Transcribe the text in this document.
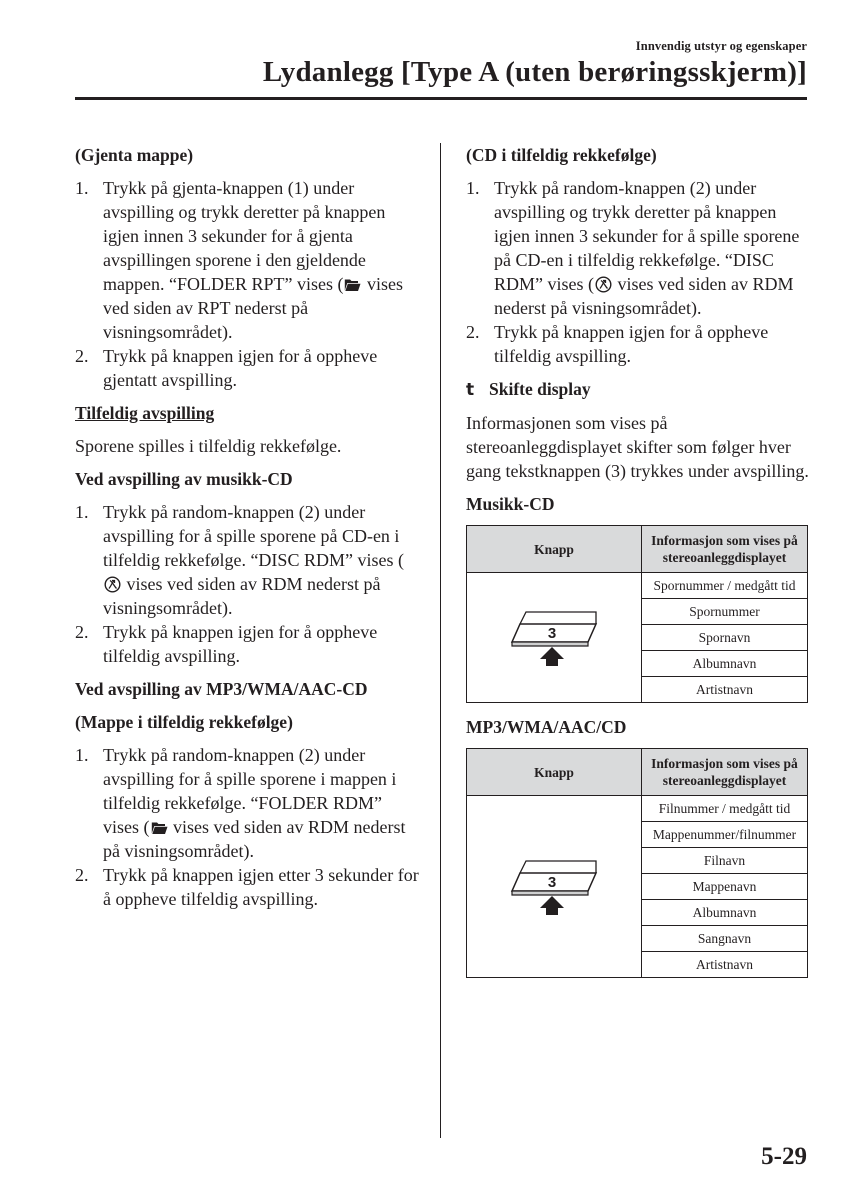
Innvendig utstyr og egenskaper
Lydanlegg [Type A (uten berøringsskjerm)]
(Gjenta mappe)
1. Trykk på gjenta-knappen (1) under avspilling og trykk deretter på knappen igjen innen 3 sekunder for å gjenta avspillingen sporene i den gjeldende mappen. “FOLDER RPT” vises ( vises ved siden av RPT nederst på visningsområdet).
2. Trykk på knappen igjen for å oppheve gjentatt avspilling.
Tilfeldig avspilling

Sporene spilles i tilfeldig rekkefølge.

Ved avspilling av musikk-CD
1. Trykk på random-knappen (2) under avspilling for å spille sporene på CD-en i tilfeldig rekkefølge. “DISC RDM” vises ( vises ved siden av RDM nederst på visningsområdet).
2. Trykk på knappen igjen for å oppheve tilfeldig avspilling.
Ved avspilling av MP3/WMA/AAC-CD
(Mappe i tilfeldig rekkefølge)
1. Trykk på random-knappen (2) under avspilling for å spille sporene i mappen i tilfeldig rekkefølge. “FOLDER RDM” vises ( vises ved siden av RDM nederst på visningsområdet).
2. Trykk på knappen igjen etter 3 sekunder for å oppheve tilfeldig avspilling.
(CD i tilfeldig rekkefølge)
1. Trykk på random-knappen (2) under avspilling og trykk deretter på knappen igjen innen 3 sekunder for å spille sporene på CD-en i tilfeldig rekkefølge. “DISC RDM” vises ( vises ved siden av RDM nederst på visningsområdet).
2. Trykk på knappen igjen for å oppheve tilfeldig avspilling.
t Skifte display

Informasjonen som vises på stereoanleggdisplayet skifter som følger hver gang tekstknappen (3) trykkes under avspilling.

Musikk-CD
Knapp	Informasjon som vises på stereoanleggdisplayet

3	Spornummer / medgått tid
	Spornummer
	Spornavn
	Albumnavn
	Artistnavn
MP3/WMA/AAC/CD
Knapp	Informasjon som vises på stereoanleggdisplayet

3	Filnummer / medgått tid
	Mappenummer/filnummer
	Filnavn
	Mappenavn
	Albumnavn
	Sangnavn
	Artistnavn
5-29
